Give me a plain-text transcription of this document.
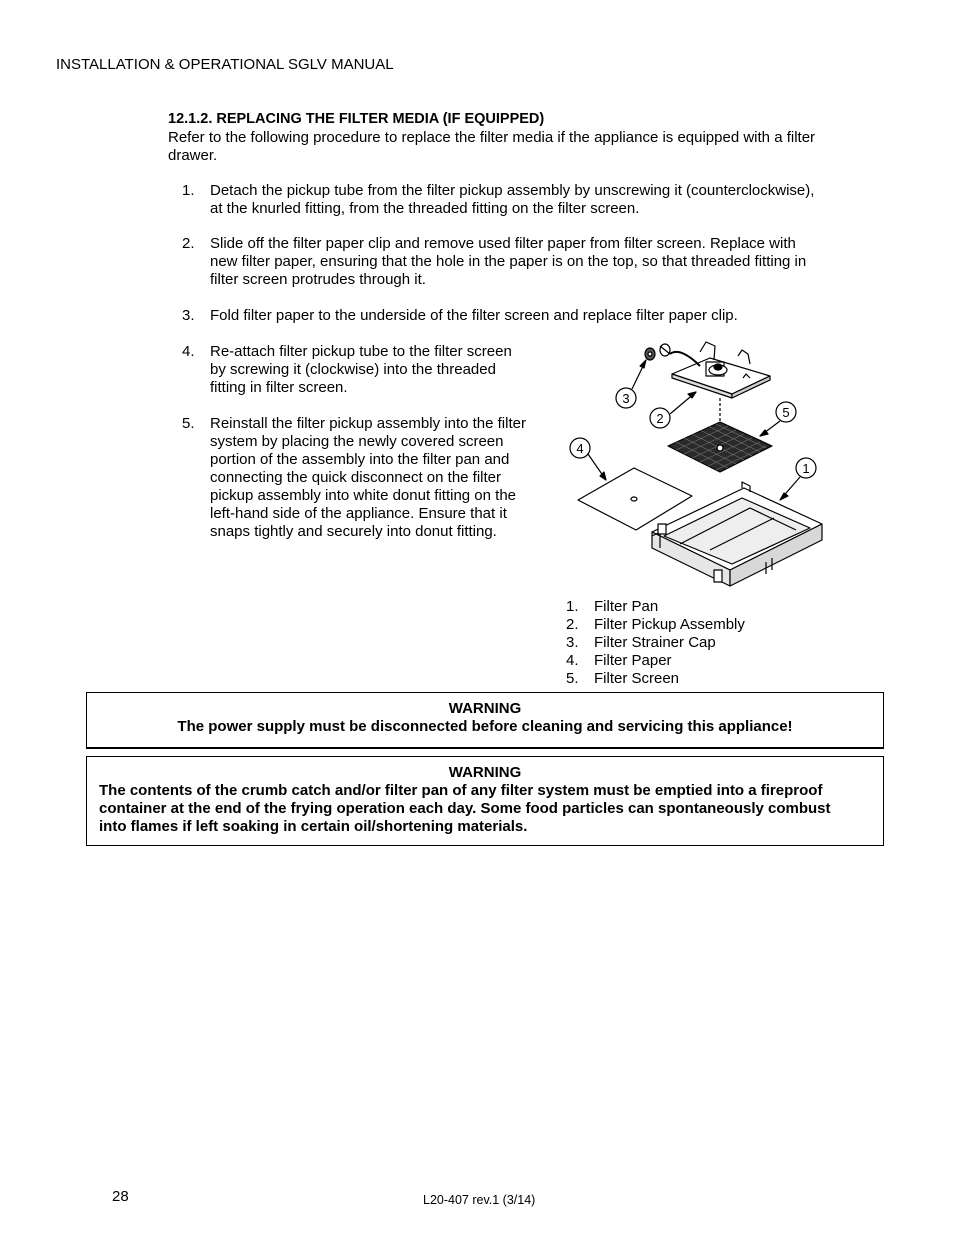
INSTALLATION & OPERATIONAL SGLV MANUAL
12.1.2. REPLACING THE FILTER MEDIA (IF EQUIPPED)
Refer to the following procedure to replace the filter media if the appliance is equipped with a filter
drawer.
1. Detach the pickup tube from the filter pickup assembly by unscrewing it (counterclockwise),
at the knurled fitting, from the threaded fitting on the filter screen.
2. Slide off the filter paper clip and remove used filter paper from filter screen. Replace with
new filter paper, ensuring that the hole in the paper is on the top, so that threaded fitting in
filter screen protrudes through it.
3. Fold filter paper to the underside of the filter screen and replace filter paper clip.
4. Re-attach filter pickup tube to the filter screen
by screwing it (clockwise) into the threaded
fitting in filter screen.
5. Reinstall the filter pickup assembly into the filter
system by placing the newly covered screen
portion of the assembly into the filter pan and
connecting the quick disconnect on the filter
pickup assembly into white donut fitting on the
left-hand side of the appliance. Ensure that it
snaps tightly and securely into donut fitting.
3
2	5
4
1
1. Filter Pan
2. Filter Pickup Assembly
3. Filter Strainer Cap
4. Filter Paper
5. Filter Screen
WARNING
The power supply must be disconnected before cleaning and servicing this appliance!
WARNING
The contents of the crumb catch and/or filter pan of any filter system must be emptied into a fireproof
container at the end of the frying operation each day. Some food particles can spontaneously combust
into flames if left soaking in certain oil/shortening materials.
28	L20-407 rev.1 (3/14)
